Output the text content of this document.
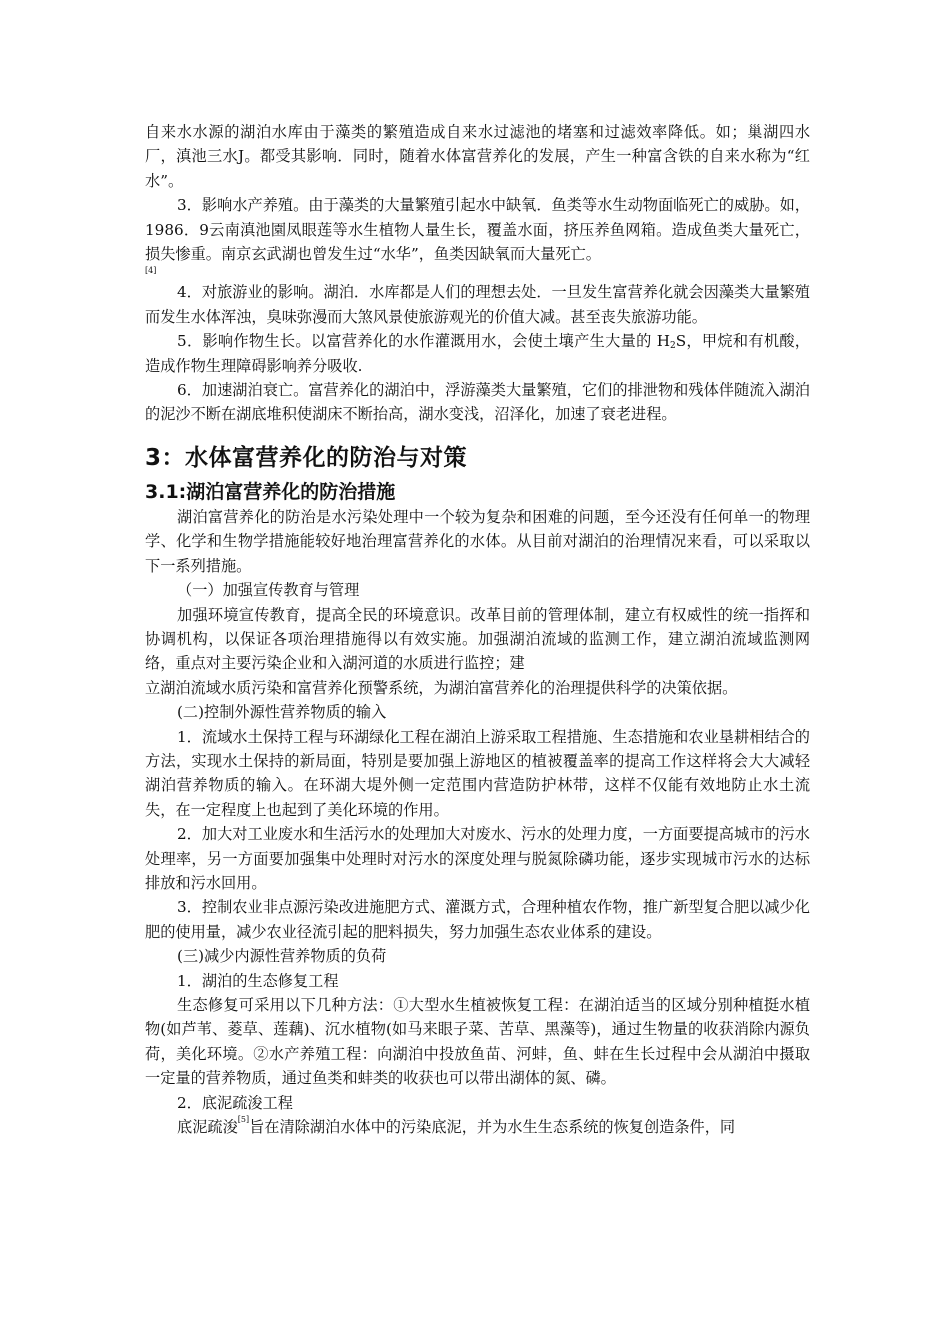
自来水水源的湖泊水库由于藻类的繁殖造成自来水过滤池的堵塞和过滤效率降低。如；巢湖四水厂，滇池三水J。都受其影响．同时，随着水体富营养化的发展，产生一种富含铁的自来水称为“红水”。

3．影响水产养殖。由于藻类的大量繁殖引起水中缺氧．鱼类等水生动物面临死亡的威胁。如，1986．9云南滇池園凤眼莲等水生植物人量生长，覆盖水面，挤压养鱼网箱。造成鱼类大量死亡，损失惨重。南京玄武湖也曾发生过“水华”，鱼类因缺氧而大量死亡。

[4]

4．对旅游业的影响。湖泊．水库都是人们的理想去处．一旦发生富营养化就会因藻类大量繁殖而发生水体浑浊，臭味弥漫而大煞风景使旅游观光的价值大减。甚至丧失旅游功能。

5．影响作物生长。以富营养化的水作灌溉用水，会使土壤产生大量的 $H_2S$，甲烷和有机酸，造成作物生理障碍影响养分吸收.

6．加速湖泊衰亡。富营养化的湖泊中，浮游藻类大量繁殖，它们的排泄物和残体伴随流入湖泊的泥沙不断在湖底堆积使湖床不断抬高，湖水变浅，沼泽化，加速了衰老进程。

3：水体富营养化的防治与对策
3.1:湖泊富营养化的防治措施

湖泊富营养化的防治是水污染处理中一个较为复杂和困难的问题，至今还没有任何单一的物理学、化学和生物学措施能较好地治理富营养化的水体。从目前对湖泊的治理情况来看，可以采取以下一系列措施。

（一）加强宣传教育与管理

加强环境宣传教育，提高全民的环境意识。改革目前的管理体制，建立有权威性的统一指挥和协调机构，以保证各项治理措施得以有效实施。加强湖泊流域的监测工作，建立湖泊流域监测网络，重点对主要污染企业和入湖河道的水质进行监控；建

立湖泊流域水质污染和富营养化预警系统，为湖泊富营养化的治理提供科学的决策依据。

(二)控制外源性营养物质的输入

1．流域水土保持工程与环湖绿化工程在湖泊上游采取工程措施、生态措施和农业垦耕相结合的方法，实现水土保持的新局面，特别是要加强上游地区的植被覆盖率的提高工作这样将会大大减轻湖泊营养物质的输入。在环湖大堤外侧一定范围内营造防护林带，这样不仅能有效地防止水土流失，在一定程度上也起到了美化环境的作用。

2．加大对工业废水和生活污水的处理加大对废水、污水的处理力度，一方面要提高城市的污水处理率，另一方面要加强集中处理时对污水的深度处理与脱氮除磷功能，逐步实现城市污水的达标排放和污水回用。

3．控制农业非点源污染改进施肥方式、灌溉方式，合理种植农作物，推广新型复合肥以减少化肥的使用量，减少农业径流引起的肥料损失，努力加强生态农业体系的建设。

(三)减少内源性营养物质的负荷

1．湖泊的生态修复工程

生态修复可采用以下几种方法：①大型水生植被恢复工程：在湖泊适当的区域分别种植挺水植物(如芦苇、菱草、莲藕)、沉水植物(如马来眼子菜、苦草、黑藻等)，通过生物量的收获消除内源负荷，美化环境。②水产养殖工程：向湖泊中投放鱼苗、河蚌，鱼、蚌在生长过程中会从湖泊中摄取一定量的营养物质，通过鱼类和蚌类的收获也可以带出湖体的氮、磷。

2．底泥疏浚工程

底泥疏浚[5]旨在清除湖泊水体中的污染底泥，并为水生生态系统的恢复创造条件，同
